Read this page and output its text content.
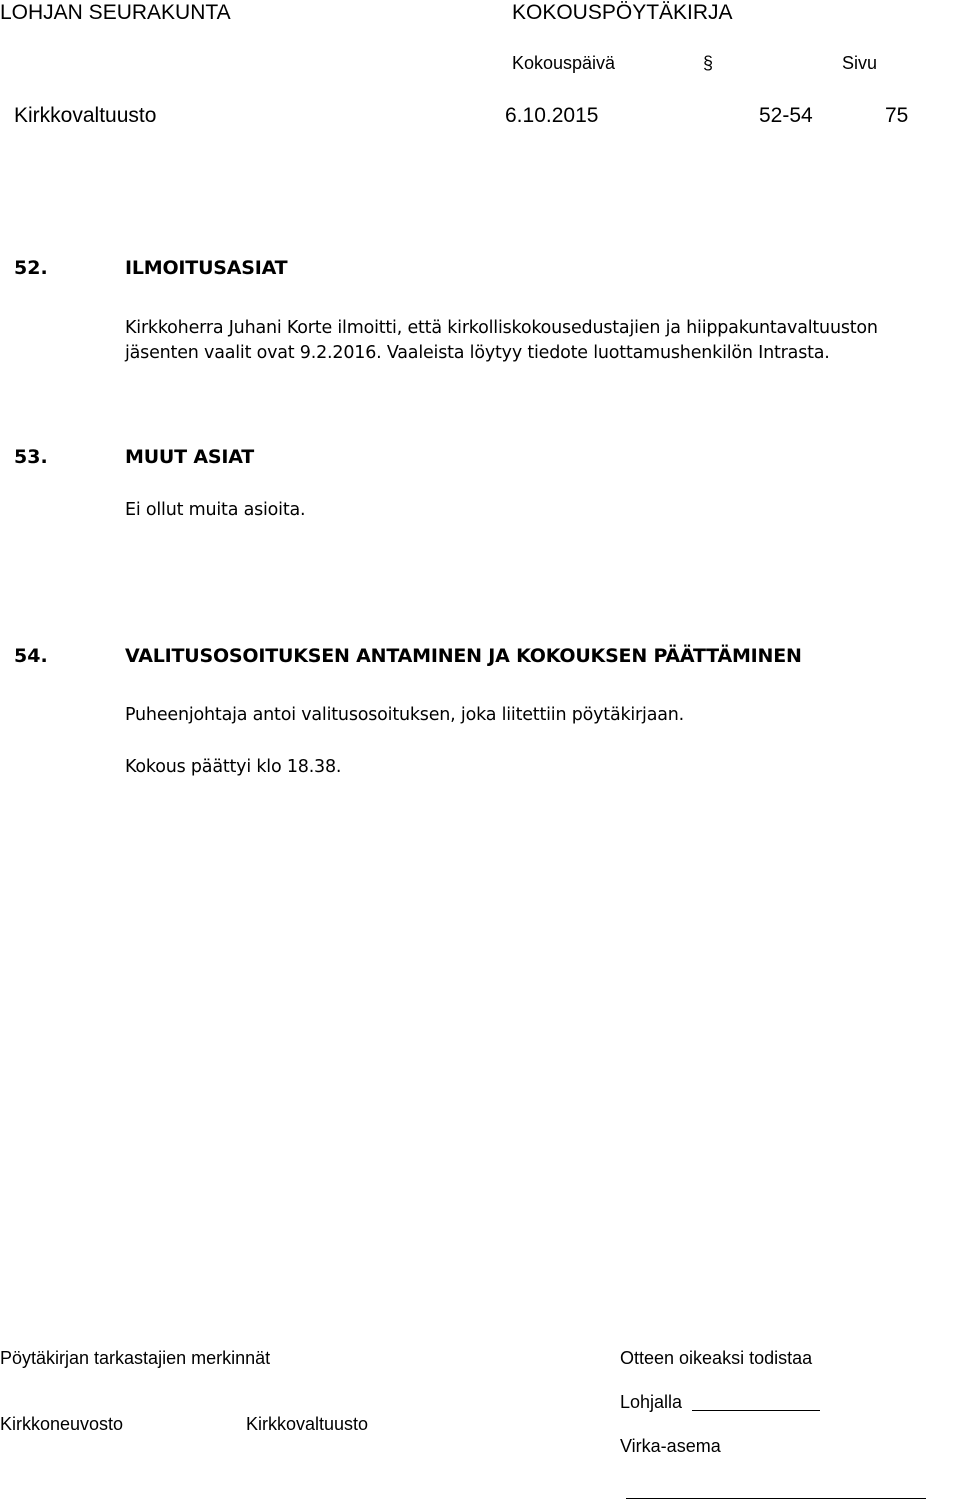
LOHJAN SEURAKUNTA	KOKOUSPÖYTÄKIRJA
Kokouspäivä	§	Sivu
Kirkkovaltuusto	6.10.2015	52-54	75
52.	ILMOITUSASIAT
Kirkkoherra Juhani Korte ilmoitti, että kirkolliskokousedustajien ja hiippakuntavaltuuston
jäsenten vaalit ovat 9.2.2016. Vaaleista löytyy tiedote luottamushenkilön Intrasta.
53.	MUUT ASIAT
Ei ollut muita asioita.
54.	VALITUSOSOITUKSEN ANTAMINEN JA KOKOUKSEN PÄÄTTÄMINEN
Puheenjohtaja antoi valitusosoituksen, joka liitettiin pöytäkirjaan.
Kokous päättyi klo 18.38.
Pöytäkirjan tarkastajien merkinnät	Otteen oikeaksi todistaa
Lohjalla
Kirkkoneuvosto	Kirkkovaltuusto
Virka-asema
